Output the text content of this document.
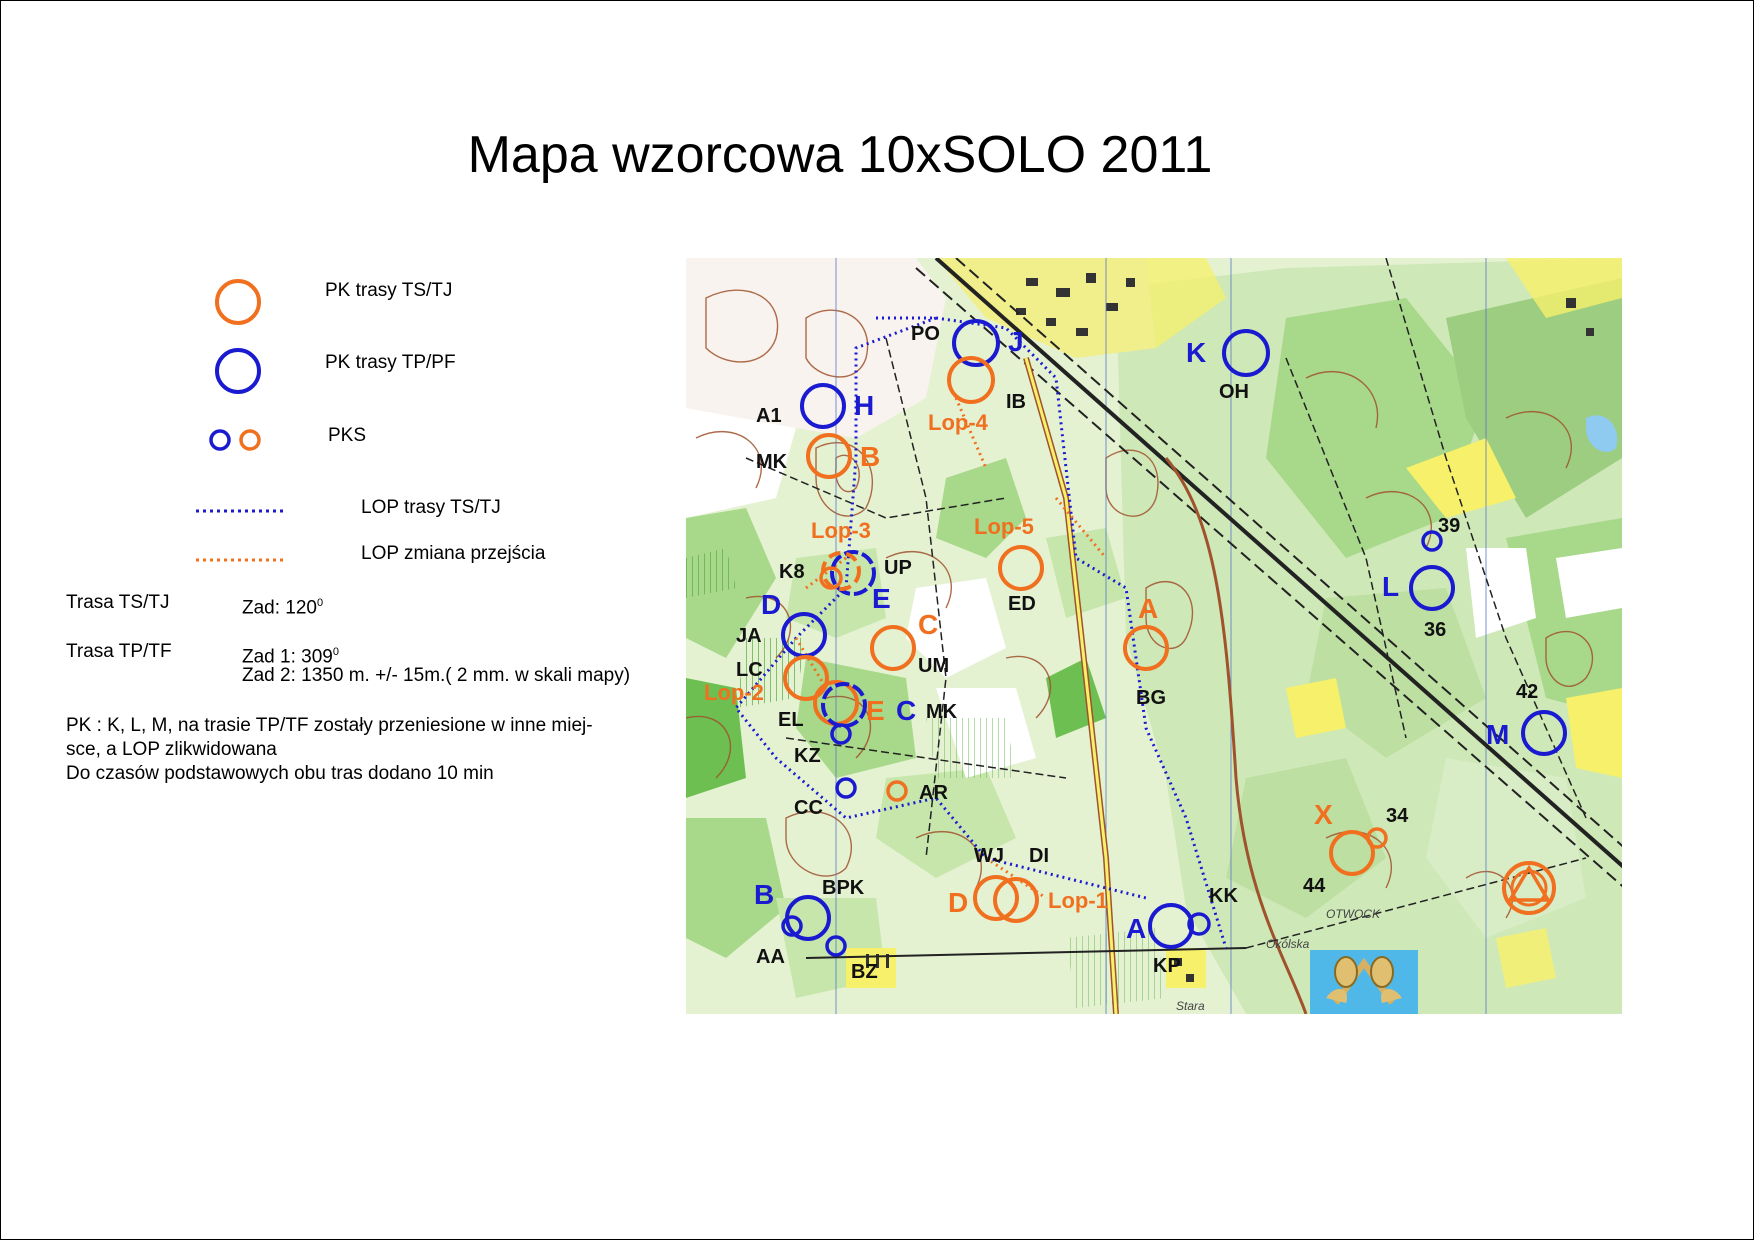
Mapa wzorcowa 10xSOLO 2011
PK trasy TS/TJ
PK trasy TP/PF
PKS
LOP trasy TS/TJ
LOP zmiana przejścia
Trasa TS/TJ	Zad: $120^0$
Trasa TP/TF	Zad 1: $309^0$
Zad 2: 1350 m. +/- 15m.( 2 mm. w skali mapy)
PK : K, L, M, na trasie TP/TF zostały przeniesione w inne miej-
sce, a LOP zlikwidowana
Do czasów podstawowych obu tras dodano 10 min
PO J
IB
K
OH
A1	H
MK	B
UP
E
K8
ED	A
BG
D
JA	C
UM
LC
EL E C MK
KZ
CC
AR
WJ DI
D
B BPK
AA
BZ
A
KP
KK
L
36
39
M
42
X
44
34
Lop-1
Lop-2
Lop-3
Lop-4
Lop-5
OTWOCK
Stara
Okólska
